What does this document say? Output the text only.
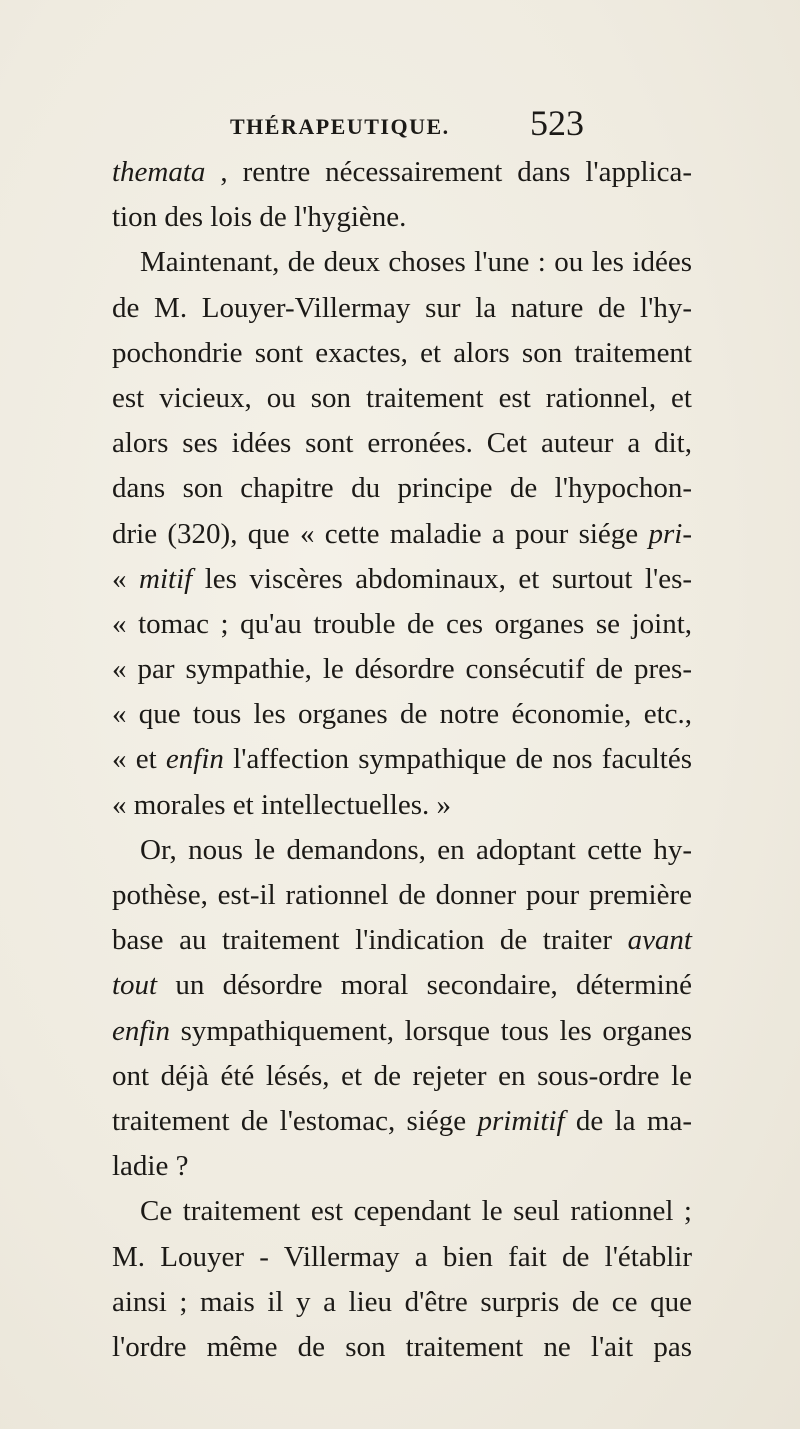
THÉRAPEUTIQUE. 523
themata , rentre nécessairement dans l'applica-
tion des lois de l'hygiène.
Maintenant, de deux choses l'une : ou les idées
de M. Louyer-Villermay sur la nature de l'hy-
pochondrie sont exactes, et alors son traitement
est vicieux, ou son traitement est rationnel, et
alors ses idées sont erronées. Cet auteur a dit,
dans son chapitre du principe de l'hypochon-
drie (320), que « cette maladie a pour siége pri-
« mitif les viscères abdominaux, et surtout l'es-
« tomac ; qu'au trouble de ces organes se joint,
« par sympathie, le désordre consécutif de pres-
« que tous les organes de notre économie, etc.,
« et enfin l'affection sympathique de nos facultés
« morales et intellectuelles. »
Or, nous le demandons, en adoptant cette hy-
pothèse, est-il rationnel de donner pour première
base au traitement l'indication de traiter avant
tout un désordre moral secondaire, déterminé
enfin sympathiquement, lorsque tous les organes
ont déjà été lésés, et de rejeter en sous-ordre le
traitement de l'estomac, siége primitif de la ma-
ladie ?
Ce traitement est cependant le seul rationnel ;
M. Louyer - Villermay a bien fait de l'établir
ainsi ; mais il y a lieu d'être surpris de ce que
l'ordre même de son traitement ne l'ait pas
